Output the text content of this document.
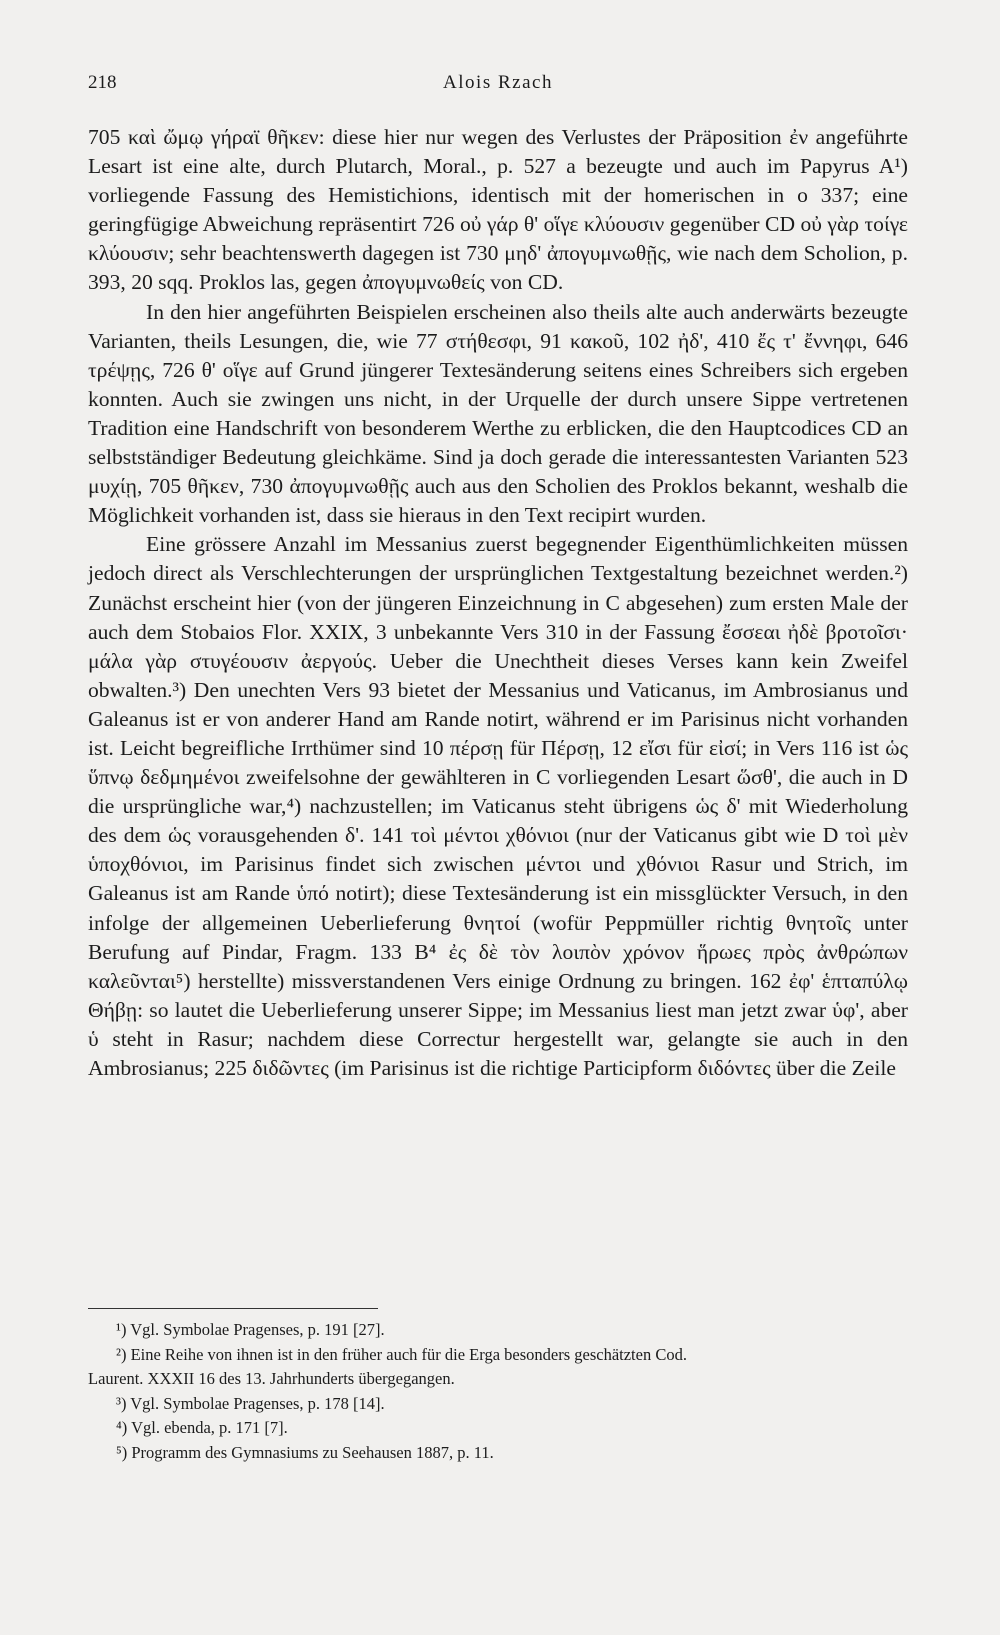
218	Alois Rzach

705 καὶ ὤμῳ γήραϊ θῆκεν: diese hier nur wegen des Verlustes der Präposition ἐν angeführte Lesart ist eine alte, durch Plutarch, Moral., p. 527 a bezeugte und auch im Papyrus A¹) vorliegende Fassung des Hemistichions, identisch mit der homerischen in ο 337; eine geringfügige Abweichung repräsentirt 726 οὐ γάρ θ' οἵγε κλύουσιν gegenüber CD οὐ γὰρ τοίγε κλύουσιν; sehr beachtenswerth dagegen ist 730 μηδ' ἀπογυμνωθῇς, wie nach dem Scholion, p. 393, 20 sqq. Proklos las, gegen ἀπογυμνωθείς von CD.

In den hier angeführten Beispielen erscheinen also theils alte auch anderwärts bezeugte Varianten, theils Lesungen, die, wie 77 στήθεσφι, 91 κακοῦ, 102 ἠδ', 410 ἔς τ' ἔννηφι, 646 τρέψῃς, 726 θ' οἵγε auf Grund jüngerer Textesänderung seitens eines Schreibers sich ergeben konnten. Auch sie zwingen uns nicht, in der Urquelle der durch unsere Sippe vertretenen Tradition eine Handschrift von besonderem Werthe zu erblicken, die den Hauptcodices CD an selbstständiger Bedeutung gleichkäme. Sind ja doch gerade die interessantesten Varianten 523 μυχίῃ, 705 θῆκεν, 730 ἀπογυμνωθῇς auch aus den Scholien des Proklos bekannt, weshalb die Möglichkeit vorhanden ist, dass sie hieraus in den Text recipirt wurden.

Eine grössere Anzahl im Messanius zuerst begegnender Eigenthümlichkeiten müssen jedoch direct als Verschlechterungen der ursprünglichen Textgestaltung bezeichnet werden.²) Zunächst erscheint hier (von der jüngeren Einzeichnung in C abgesehen) zum ersten Male der auch dem Stobaios Flor. XXIX, 3 unbekannte Vers 310 in der Fassung ἔσσεαι ἠδὲ βροτοῖσι· μάλα γὰρ στυγέουσιν ἀεργούς. Ueber die Unechtheit dieses Verses kann kein Zweifel obwalten.³) Den unechten Vers 93 bietet der Messanius und Vaticanus, im Ambrosianus und Galeanus ist er von anderer Hand am Rande notirt, während er im Parisinus nicht vorhanden ist. Leicht begreifliche Irrthümer sind 10 πέρσῃ für Πέρσῃ, 12 εἴσι für εἰσί; in Vers 116 ist ὡς ὕπνῳ δεδμημένοι zweifelsohne der gewählteren in C vorliegenden Lesart ὥσθ', die auch in D die ursprüngliche war,⁴) nachzustellen; im Vaticanus steht übrigens ὡς δ' mit Wiederholung des dem ὡς vorausgehenden δ'. 141 τοὶ μέντοι χθόνιοι (nur der Vaticanus gibt wie D τοὶ μὲν ὑποχθόνιοι, im Parisinus findet sich zwischen μέντοι und χθόνιοι Rasur und Strich, im Galeanus ist am Rande ὑπό notirt); diese Textesänderung ist ein missglückter Versuch, in den infolge der allgemeinen Ueberlieferung θνητοί (wofür Peppmüller richtig θνητοῖς unter Berufung auf Pindar, Fragm. 133 B⁴ ἐς δὲ τὸν λοιπὸν χρόνον ἥρωες πρὸς ἀνθρώπων καλεῦνται⁵) herstellte) missverstandenen Vers einige Ordnung zu bringen. 162 ἐφ' ἑπταπύλῳ Θήβῃ: so lautet die Ueberlieferung unserer Sippe; im Messanius liest man jetzt zwar ὑφ', aber ὑ steht in Rasur; nachdem diese Correctur hergestellt war, gelangte sie auch in den Ambrosianus; 225 διδῶντες (im Parisinus ist die richtige Participform διδόντες über die Zeile

¹) Vgl. Symbolae Pragenses, p. 191 [27].

²) Eine Reihe von ihnen ist in den früher auch für die Erga besonders geschätzten Cod.

Laurent. XXXII 16 des 13. Jahrhunderts übergegangen.

³) Vgl. Symbolae Pragenses, p. 178 [14].

⁴) Vgl. ebenda, p. 171 [7].

⁵) Programm des Gymnasiums zu Seehausen 1887, p. 11.
